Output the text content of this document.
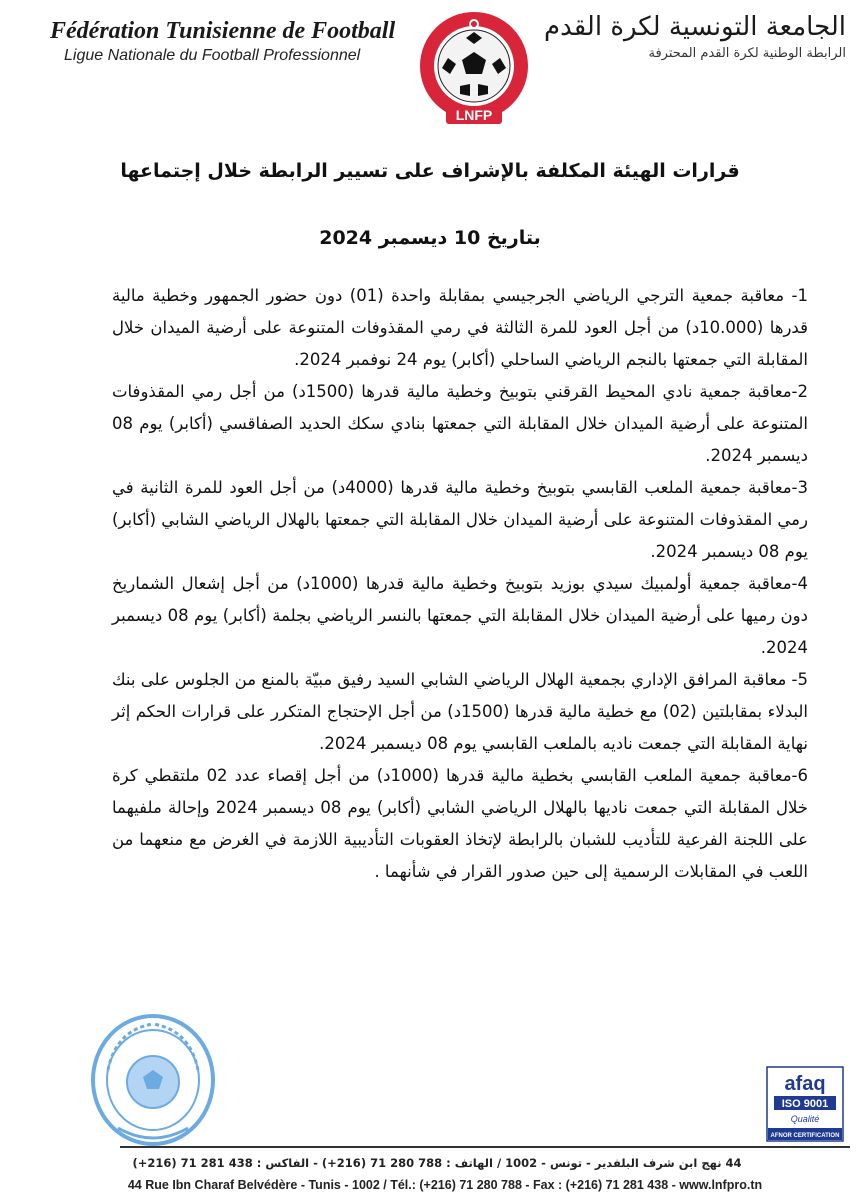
Fédération Tunisienne de Football
Ligue Nationale du Football Professionnel
LNFP
الجامعة التونسية لكرة القدم
الرابطة الوطنية لكرة القدم المحترفة
قرارات الهيئة المكلفة بالإشراف على تسيير الرابطة خلال إجتماعها
بتاريخ 10 ديسمبر 2024

1- معاقبة جمعية الترجي الرياضي الجرجيسي بمقابلة واحدة (01) دون حضور الجمهور وخطية مالية قدرها (10.000د) من أجل العود للمرة الثالثة في رمي المقذوفات المتنوعة على أرضية الميدان خلال المقابلة التي جمعتها بالنجم الرياضي الساحلي (أكابر) يوم 24 نوفمبر 2024.

2-معاقبة جمعية نادي المحيط القرقني بتوبيخ وخطية مالية قدرها (1500د) من أجل رمي المقذوفات المتنوعة على أرضية الميدان خلال المقابلة التي جمعتها بنادي سكك الحديد الصفاقسي (أكابر) يوم 08 ديسمبر 2024.

3-معاقبة جمعية الملعب القابسي بتوبيخ وخطية مالية قدرها (4000د) من أجل العود للمرة الثانية في رمي المقذوفات المتنوعة على أرضية الميدان خلال المقابلة التي جمعتها بالهلال الرياضي الشابي (أكابر) يوم 08 ديسمبر 2024.

4-معاقبة جمعية أولمبيك سيدي بوزيد بتوبيخ وخطية مالية قدرها (1000د) من أجل إشعال الشماريخ دون رميها على أرضية الميدان خلال المقابلة التي جمعتها بالنسر الرياضي بجلمة (أكابر) يوم 08 ديسمبر 2024.

5- معاقبة المرافق الإداري بجمعية الهلال الرياضي الشابي السيد رفيق مبيّة بالمنع من الجلوس على بنك البدلاء بمقابلتين (02) مع خطية مالية قدرها (1500د) من أجل الإحتجاج المتكرر على قرارات الحكم إثر نهاية المقابلة التي جمعت ناديه بالملعب القابسي يوم 08 ديسمبر 2024.

6-معاقبة جمعية الملعب القابسي بخطية مالية قدرها (1000د) من أجل إقصاء عدد 02 ملتقطي كرة خلال المقابلة التي جمعت ناديها بالهلال الرياضي الشابي (أكابر) يوم 08 ديسمبر 2024 وإحالة ملفيهما على اللجنة الفرعية للتأديب للشبان بالرابطة لإتخاذ العقوبات التأديبية اللازمة في الغرض مع منعهما من اللعب في المقابلات الرسمية إلى حين صدور القرار في شأنهما .

afaq
ISO 9001
Qualité
AFNOR CERTIFICATION
44 نهج ابن شرف البلفدير - تونس - 1002 / الهاتف : 788 280 71 (216+) - الفاكس : 438 281 71 (216+)
44 Rue Ibn Charaf Belvédère - Tunis - 1002 / Tél.: (+216) 71 280 788 - Fax : (+216) 71 281 438 - www.lnfpro.tn
